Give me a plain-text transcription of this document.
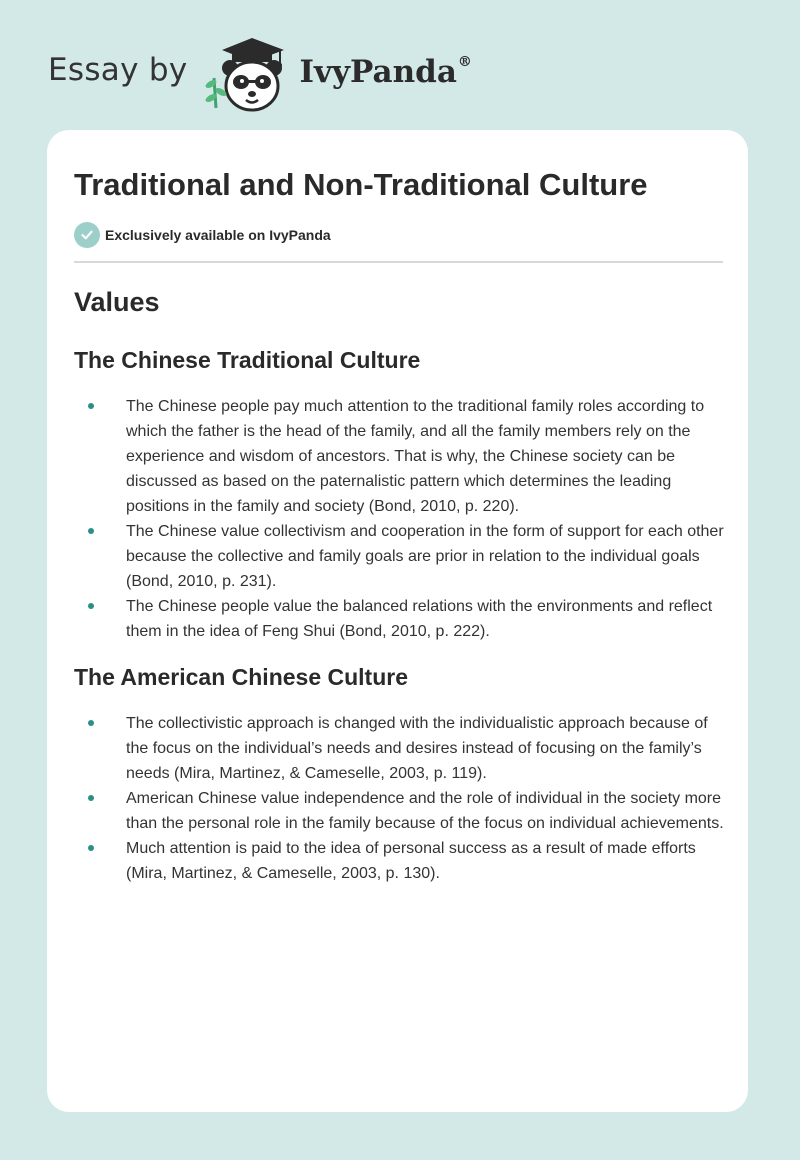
Essay by	IvyPanda®
Traditional and Non-Traditional Culture
Exclusively available on IvyPanda
Values
The Chinese Traditional Culture
The Chinese people pay much attention to the traditional family roles according to which the father is the head of the family, and all the family members rely on the experience and wisdom of ancestors. That is why, the Chinese society can be discussed as based on the paternalistic pattern which determines the leading positions in the family and society (Bond, 2010, p. 220).
The Chinese value collectivism and cooperation in the form of support for each other because the collective and family goals are prior in relation to the individual goals (Bond, 2010, p. 231).
The Chinese people value the balanced relations with the environments and reflect them in the idea of Feng Shui (Bond, 2010, p. 222).
The American Chinese Culture
The collectivistic approach is changed with the individualistic approach because of the focus on the individual’s needs and desires instead of focusing on the family’s needs (Mira, Martinez, & Cameselle, 2003, p. 119).
American Chinese value independence and the role of individual in the society more than the personal role in the family because of the focus on individual achievements.
Much attention is paid to the idea of personal success as a result of made efforts (Mira, Martinez, & Cameselle, 2003, p. 130).
